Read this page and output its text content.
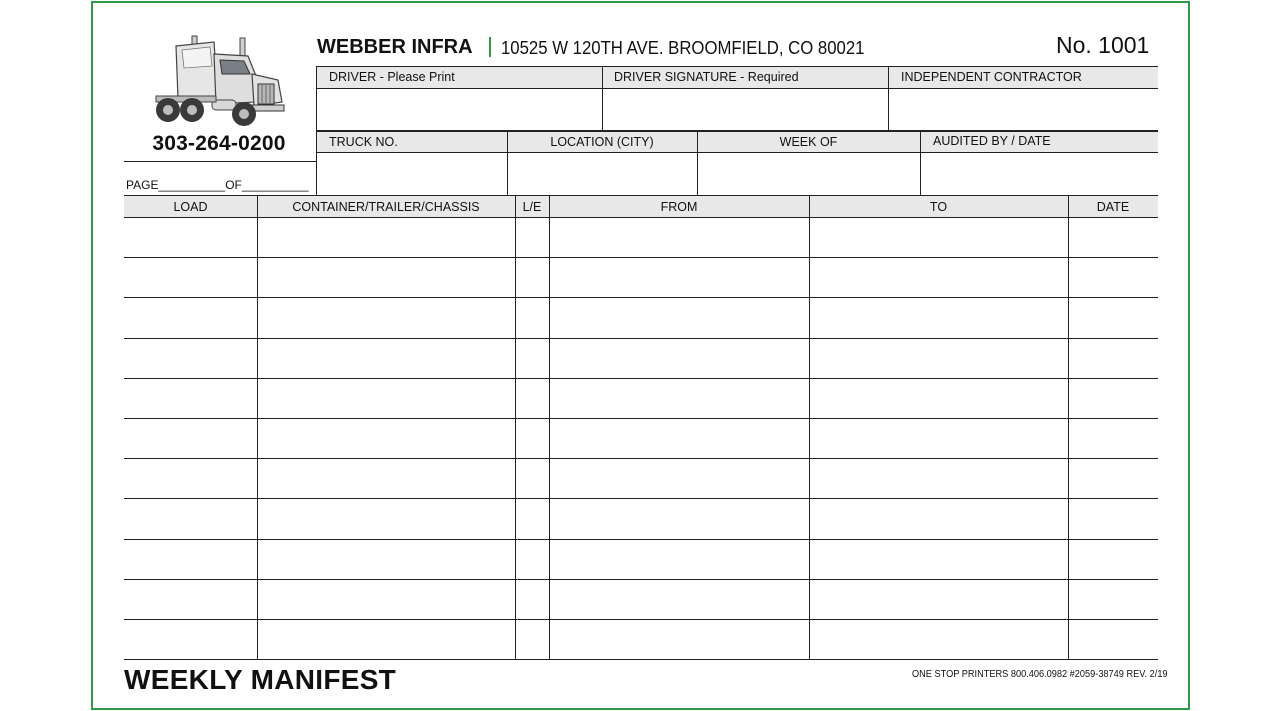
303-264-0200
PAGE__________OF__________
WEBBER INFRA 10525 W 120TH AVE. BROOMFIELD, CO 80021	No. 1001
DRIVER - Please Print	DRIVER SIGNATURE - Required	INDEPENDENT CONTRACTOR
TRUCK NO.	LOCATION (CITY)	WEEK OF	AUDITED BY / DATE
LOAD	CONTAINER/TRAILER/CHASSIS	L/E	FROM	TO	DATE
WEEKLY MANIFEST	ONE STOP PRINTERS 800.406.0982 #2059-38749 REV. 2/19
